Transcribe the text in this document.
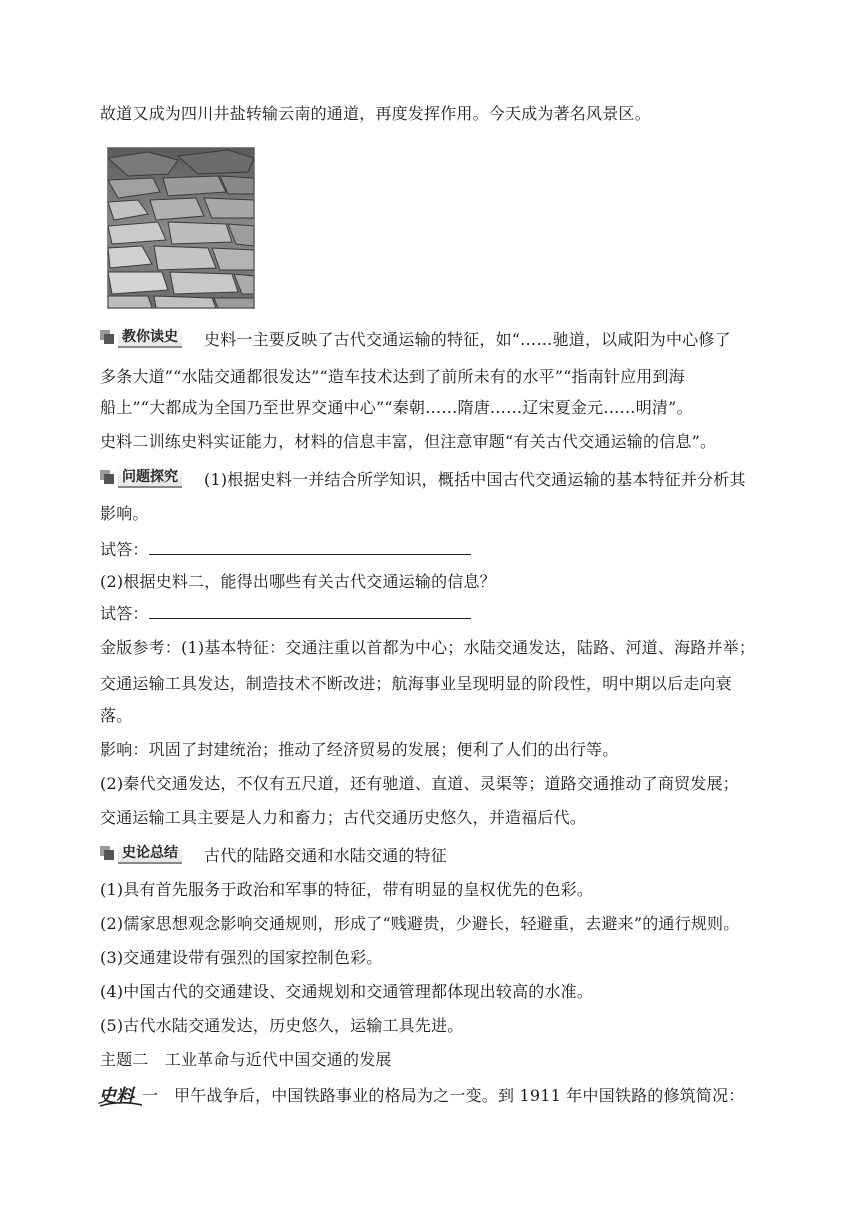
故道又成为四川井盐转输云南的通道，再度发挥作用。今天成为著名风景区。
教你读史 史料一主要反映了古代交通运输的特征，如“……驰道，以咸阳为中心修了
多条大道”“水陆交通都很发达”“造车技术达到了前所未有的水平”“指南针应用到海
船上”“大都成为全国乃至世界交通中心”“秦朝……隋唐……辽宋夏金元……明清”。
史料二训练史料实证能力，材料的信息丰富，但注意审题“有关古代交通运输的信息”。
问题探究 (1)根据史料一并结合所学知识，概括中国古代交通运输的基本特征并分析其
影响。
试答：
(2)根据史料二，能得出哪些有关古代交通运输的信息？
试答：
金版参考：(1)基本特征：交通注重以首都为中心；水陆交通发达，陆路、河道、海路并举；
交通运输工具发达，制造技术不断改进；航海事业呈现明显的阶段性，明中期以后走向衰
落。
影响：巩固了封建统治；推动了经济贸易的发展；便利了人们的出行等。
(2)秦代交通发达，不仅有五尺道，还有驰道、直道、灵渠等；道路交通推动了商贸发展；
交通运输工具主要是人力和畜力；古代交通历史悠久，并造福后代。
史论总结 古代的陆路交通和水陆交通的特征
(1)具有首先服务于政治和军事的特征，带有明显的皇权优先的色彩。
(2)儒家思想观念影响交通规则，形成了“贱避贵，少避长，轻避重，去避来”的通行规则。
(3)交通建设带有强烈的国家控制色彩。
(4)中国古代的交通建设、交通规划和交通管理都体现出较高的水准。
(5)古代水陆交通发达，历史悠久，运输工具先进。
主题二　工业革命与近代中国交通的发展
史料 一 甲午战争后，中国铁路事业的格局为之一变。到 1911 年中国铁路的修筑简况：
